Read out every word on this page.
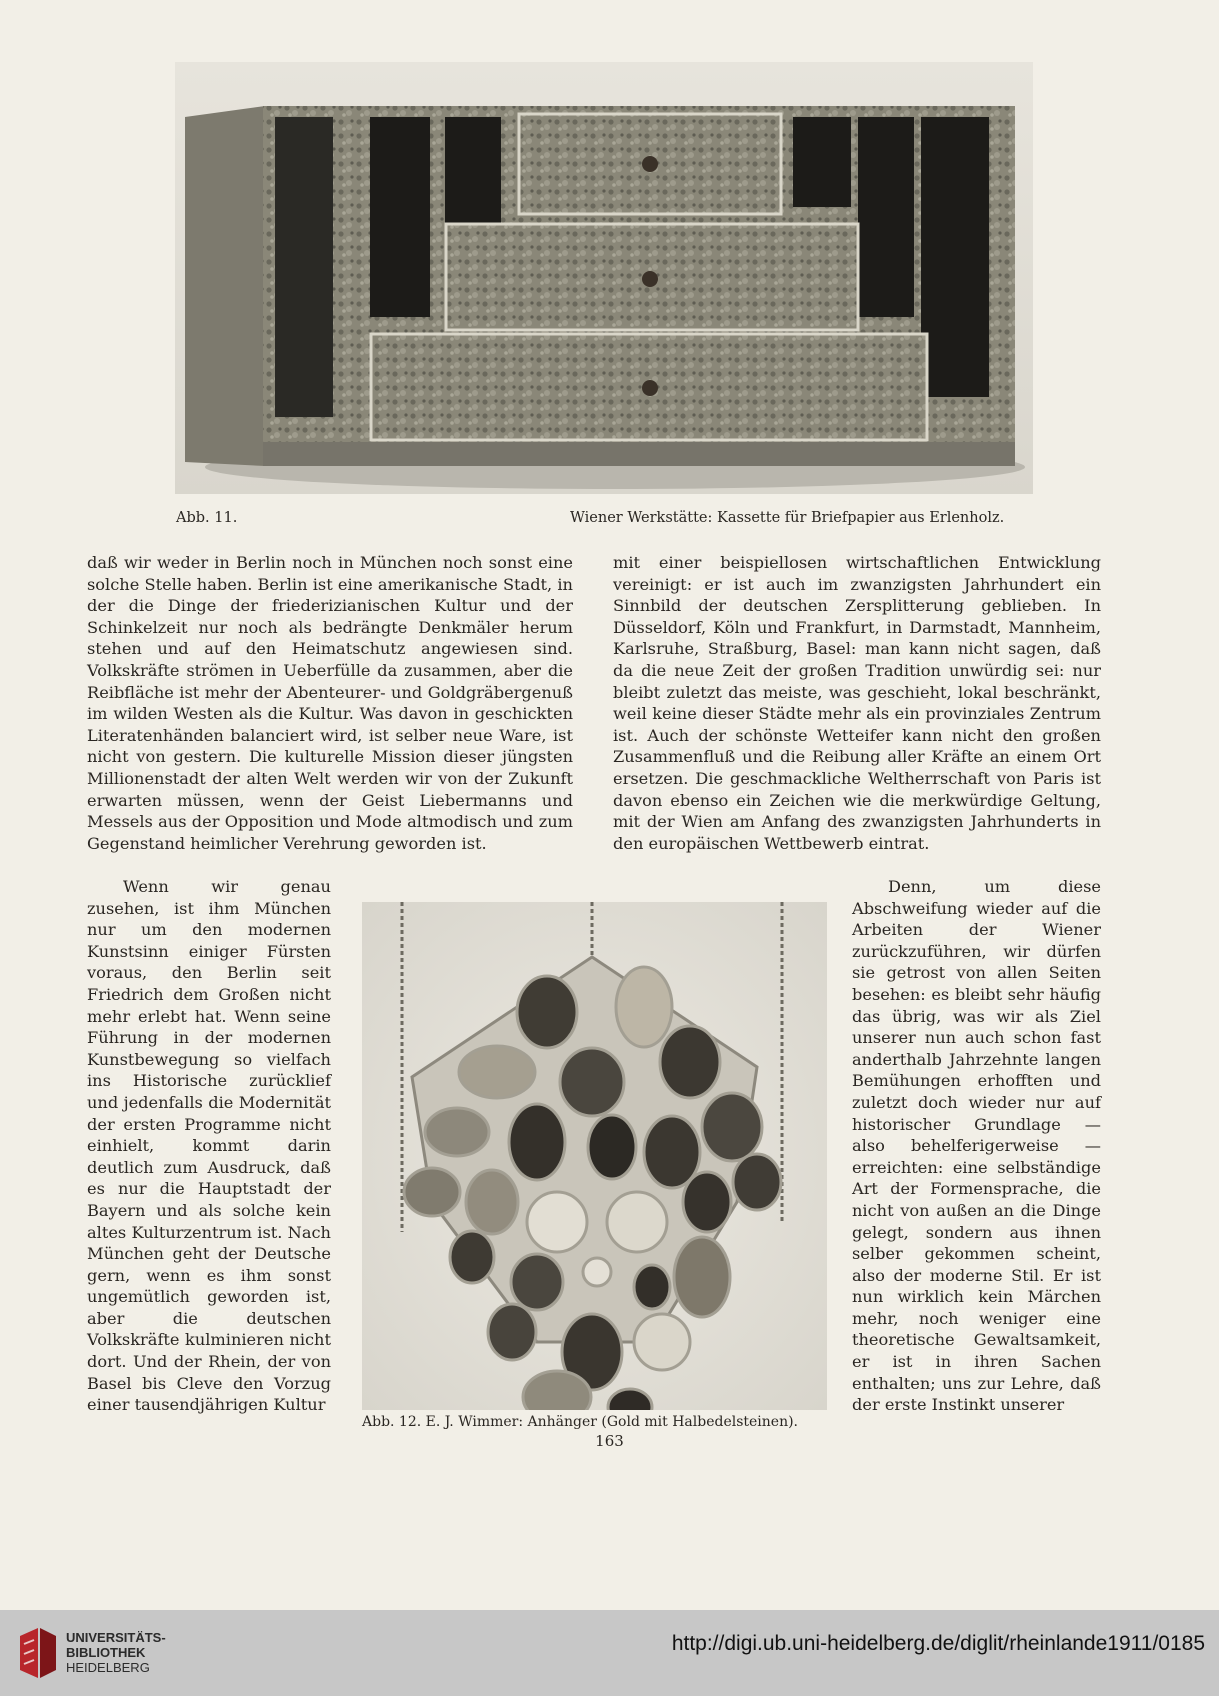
Abb. 11.	Wiener Werkstätte: Kassette für Briefpapier aus Erlenholz.

daß wir weder in Berlin noch in München noch sonst eine solche Stelle haben. Berlin ist eine amerikanische Stadt, in der die Dinge der friederizianischen Kultur und der Schinkelzeit nur noch als bedrängte Denkmäler herum stehen und auf den Heimatschutz angewiesen sind. Volkskräfte strömen in Ueberfülle da zusammen, aber die Reibfläche ist mehr der Abenteurer- und Goldgräbergenuß im wilden Westen als die Kultur. Was davon in geschickten Literatenhänden balanciert wird, ist selber neue Ware, ist nicht von gestern. Die kulturelle Mission dieser jüngsten Millionenstadt der alten Welt werden wir von der Zukunft erwarten müssen, wenn der Geist Liebermanns und Messels aus der Opposition und Mode altmodisch und zum Gegenstand heimlicher Verehrung geworden ist.

Wenn wir genau zusehen, ist ihm München nur um den modernen Kunstsinn einiger Fürsten voraus, den Berlin seit Friedrich dem Großen nicht mehr erlebt hat. Wenn seine Führung in der modernen Kunstbewegung so vielfach ins Historische zurücklief und jedenfalls die Modernität der ersten Programme nicht einhielt, kommt darin deutlich zum Ausdruck, daß es nur die Hauptstadt der Bayern und als solche kein altes Kulturzentrum ist. Nach München geht der Deutsche gern, wenn es ihm sonst ungemütlich geworden ist, aber die deutschen Volkskräfte kulminieren nicht dort. Und der Rhein, der von Basel bis Cleve den Vorzug einer tausendjährigen Kultur

mit einer beispiellosen wirtschaftlichen Entwicklung vereinigt: er ist auch im zwanzigsten Jahrhundert ein Sinnbild der deutschen Zersplitterung geblieben. In Düsseldorf, Köln und Frankfurt, in Darmstadt, Mannheim, Karlsruhe, Straßburg, Basel: man kann nicht sagen, daß da die neue Zeit der großen Tradition unwürdig sei: nur bleibt zuletzt das meiste, was geschieht, lokal beschränkt, weil keine dieser Städte mehr als ein provinziales Zentrum ist. Auch der schönste Wetteifer kann nicht den großen Zusammenfluß und die Reibung aller Kräfte an einem Ort ersetzen. Die geschmackliche Weltherrschaft von Paris ist davon ebenso ein Zeichen wie die merkwürdige Geltung, mit der Wien am Anfang des zwanzigsten Jahrhunderts in den europäischen Wettbewerb eintrat.

Denn, um diese Abschweifung wieder auf die Arbeiten der Wiener zurückzuführen, wir dürfen sie getrost von allen Seiten besehen: es bleibt sehr häufig das übrig, was wir als Ziel unserer nun auch schon fast anderthalb Jahrzehnte langen Bemühungen erhofften und zuletzt doch wieder nur auf historischer Grundlage — also behelferigerweise — erreichten: eine selbständige Art der Formensprache, die nicht von außen an die Dinge gelegt, sondern aus ihnen selber gekommen scheint, also der moderne Stil. Er ist nun wirklich kein Märchen mehr, noch weniger eine theoretische Gewaltsamkeit, er ist in ihren Sachen enthalten; uns zur Lehre, daß der erste Instinkt unserer

Abb. 12. E. J. Wimmer: Anhänger (Gold mit Halbedelsteinen).
163
UNIVERSITÄTS-
BIBLIOTHEK
HEIDELBERG
http://digi.ub.uni-heidelberg.de/diglit/rheinlande1911/0185
